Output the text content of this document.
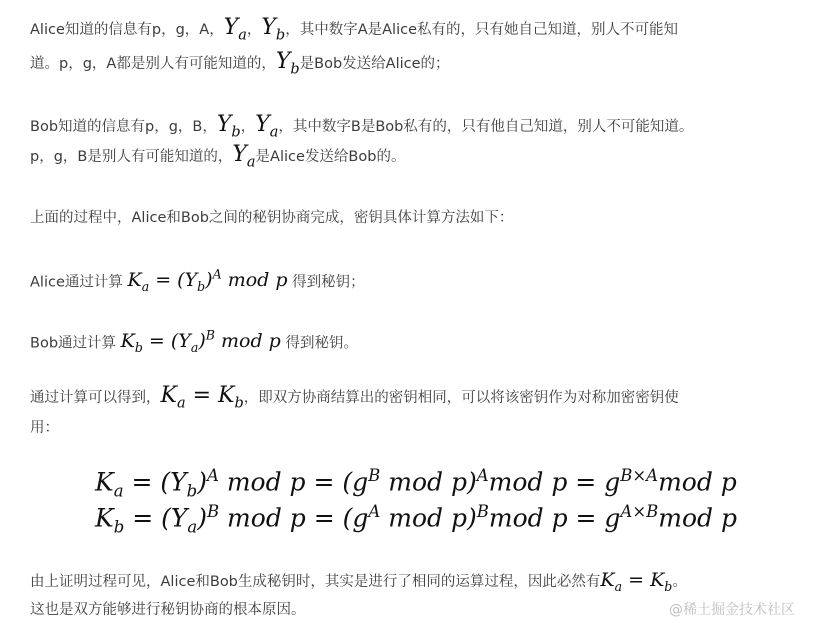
Alice知道的信息有p，g，A，$Y_a$，$Y_b$，其中数字A是Alice私有的，只有她自己知道，别人不可能知
道。p，g，A都是别人有可能知道的，$Y_b$是Bob发送给Alice的；
Bob知道的信息有p，g，B，$Y_b$，$Y_a$，其中数字B是Bob私有的，只有他自己知道，别人不可能知道。
p，g，B是别人有可能知道的，$Y_a$是Alice发送给Bob的。
上面的过程中，Alice和Bob之间的秘钥协商完成，密钥具体计算方法如下：
Alice通过计算 $K_a = (Y_b)^A$ mod p 得到秘钥；
Bob通过计算 $K_b = (Y_a)^B$ mod p 得到秘钥。
通过计算可以得到，$K_a = K_b$，即双方协商结算出的密钥相同，可以将该密钥作为对称加密密钥使
用：
$K_a = (Y_b)^A$ mod $p = (g^B$ mod p)$^A$mod $p = g^{B\times A}mod$ p
$K_b = (Y_a)^B$ mod $p = (g^A$ mod p)$^B$mod $p = g^{A\times B}mod$ p
由上证明过程可见，Alice和Bob生成秘钥时，其实是进行了相同的运算过程，因此必然有$K_a = K_b$。
这也是双方能够进行秘钥协商的根本原因。	@稀土掘金技术社区
